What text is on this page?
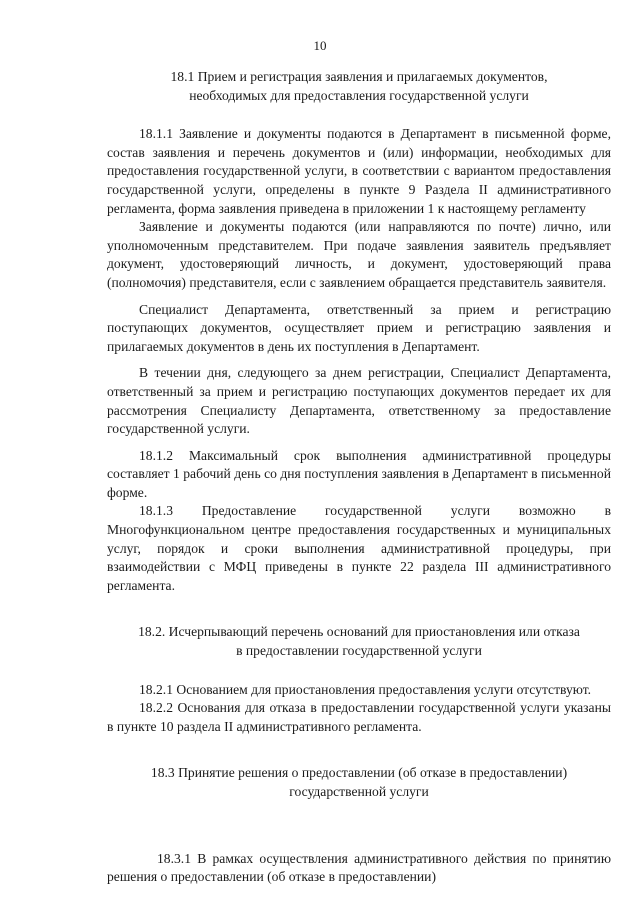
10

18.1 Прием и регистрация заявления и прилагаемых документов,

необходимых для предоставления государственной услуги

18.1.1 Заявление и документы подаются в Департамент в письменной форме, состав заявления и перечень документов и (или) информации, необходимых для предоставления государственной услуги, в соответствии с вариантом предоставления государственной услуги, определены в пункте 9 Раздела II административного регламента, форма заявления приведена в приложении 1 к настоящему регламенту

Заявление и документы подаются (или направляются по почте) лично, или уполномоченным представителем. При подаче заявления заявитель предъявляет документ, удостоверяющий личность, и документ, удостоверяющий права (полномочия) представителя, если с заявлением обращается представитель заявителя.

Специалист Департамента, ответственный за прием и регистрацию поступающих документов, осуществляет прием и регистрацию заявления и прилагаемых документов в день их поступления в Департамент.

В течении дня, следующего за днем регистрации, Специалист Департамента, ответственный за прием и регистрацию поступающих документов передает их для рассмотрения Специалисту Департамента, ответственному за предоставление государственной услуги.

18.1.2 Максимальный срок выполнения административной процедуры составляет 1 рабочий день со дня поступления заявления в Департамент в письменной форме.

18.1.3 Предоставление государственной услуги возможно в Многофункциональном центре предоставления государственных и муниципальных услуг, порядок и сроки выполнения административной процедуры, при взаимодействии с МФЦ приведены в пункте 22 раздела III административного регламента.

18.2. Исчерпывающий перечень оснований для приостановления или отказа

в предоставлении государственной услуги

18.2.1 Основанием для приостановления предоставления услуги отсутствуют.

18.2.2 Основания для отказа в предоставлении государственной услуги указаны в пункте 10 раздела II административного регламента.

18.3 Принятие решения о предоставлении (об отказе в предоставлении)

государственной услуги

18.3.1 В рамках осуществления административного действия по принятию решения о предоставлении (об отказе в предоставлении)
